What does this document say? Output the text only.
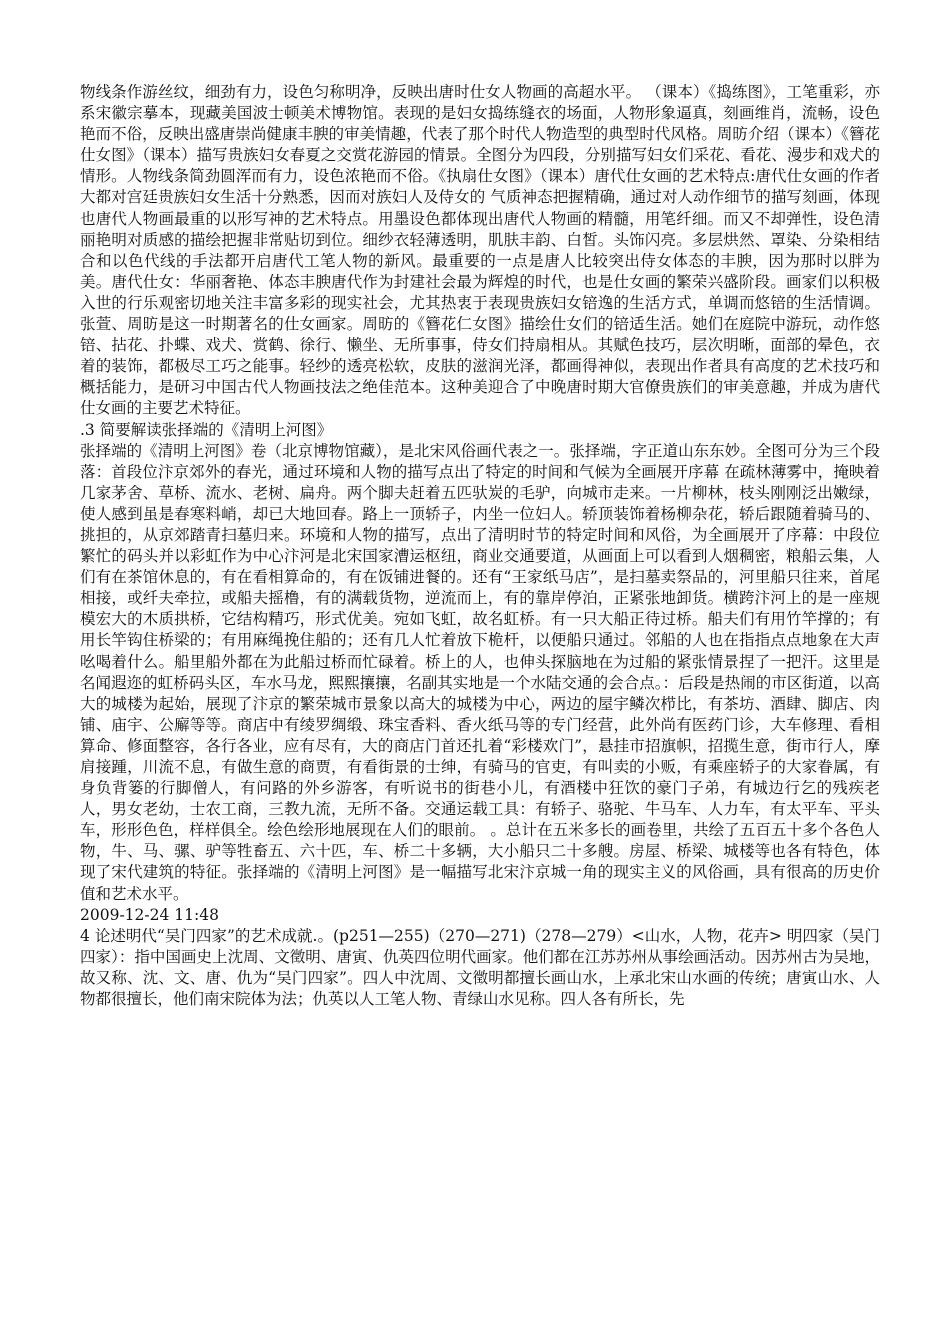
物线条作游丝纹，细劲有力，设色匀称明净，反映出唐时仕女人物画的高超水平。 （课本）《捣练图》，工笔重彩，亦系宋徽宗摹本，现藏美国波士顿美术博物馆。表现的是妇女捣练缝衣的场面，人物形象逼真，刻画维肖，流畅，设色艳而不俗，反映出盛唐崇尚健康丰腴的审美情趣，代表了那个时代人物造型的典型时代风格。周昉介绍（课本）《簪花仕女图》（课本）描写贵族妇女春夏之交赏花游园的情景。全图分为四段，分别描写妇女们采花、看花、漫步和戏犬的情形。人物线条简劲圆浑而有力，设色浓艳而不俗。《执扇仕女图》（课本）唐代仕女画的艺术特点:唐代仕女画的作者大都对宫廷贵族妇女生活十分熟悉，因而对族妇人及侍女的 气质神态把握精确，通过对人动作细节的描写刻画，体现也唐代人物画最重的以形写神的艺术特点。用墨设色都体现出唐代人物画的精髓，用笔纤细。而又不却弹性，设色清丽艳明对质感的描绘把握非常贴切到位。细纱衣轻薄透明，肌肤丰韵、白皙。头饰闪亮。多层烘然、罩染、分染相结合和以色代线的手法都开启唐代工笔人物的新风。最重要的一点是唐人比较突出侍女体态的丰腴，因为那时以胖为美。唐代仕女：华丽奢艳、体态丰腴唐代作为封建社会最为辉煌的时代，也是仕女画的繁荣兴盛阶段。画家们以积极入世的行乐观密切地关注丰富多彩的现实社会，尤其热衷于表现贵族妇女锫逸的生活方式，单调而悠锫的生活情调。张萱、周昉是这一时期著名的仕女画家。周昉的《簪花仁女图》描绘仕女们的锫适生活。她们在庭院中游玩，动作悠锫、拈花、扑蝶、戏犬、赏鹤、徐行、懒坐、无所事事，侍女们持扇相从。其赋色技巧，层次明晰，面部的晕色，衣着的装饰，都极尽工巧之能事。轻纱的透亮松软，皮肤的滋润光泽，都画得神似，表现出作者具有高度的艺术技巧和概括能力，是研习中国古代人物画技法之绝佳范本。这种美迎合了中晚唐时期大官僚贵族们的审美意趣，并成为唐代仕女画的主要艺术特征。

.3 简要解读张择端的《清明上河图》

张择端的《清明上河图》卷（北京博物馆藏），是北宋风俗画代表之一。张择端，字正道山东东妙。全图可分为三个段落：首段位汴京郊外的春光，通过环境和人物的描写点出了特定的时间和气候为全画展开序幕 在疏林薄雾中，掩映着几家茅舍、草桥、流水、老树、扁舟。两个脚夫赶着五匹驮炭的毛驴，向城市走来。一片柳林，枝头刚刚泛出嫩绿，使人感到虽是春寒料峭，却已大地回春。路上一顶轿子，内坐一位妇人。轿顶装饰着杨柳杂花，轿后跟随着骑马的、挑担的，从京郊踏青扫墓归来。环境和人物的描写，点出了清明时节的特定时间和风俗，为全画展开了序幕：中段位繁忙的码头并以彩虹作为中心汴河是北宋国家漕运枢纽，商业交通要道，从画面上可以看到人烟稠密，粮船云集，人们有在茶馆休息的，有在看相算命的，有在饭铺进餐的。还有“王家纸马店”，是扫墓卖祭品的，河里船只往来，首尾相接，或纤夫牵拉，或船夫摇橹，有的满载货物，逆流而上，有的靠岸停泊，正紧张地卸货。横跨汴河上的是一座规模宏大的木质拱桥，它结构精巧，形式优美。宛如飞虹，故名虹桥。有一只大船正待过桥。船夫们有用竹竿撑的；有用长竿钩住桥梁的；有用麻绳挽住船的；还有几人忙着放下桅杆，以便船只通过。邻船的人也在指指点点地象在大声吆喝着什么。船里船外都在为此船过桥而忙碌着。桥上的人，也伸头探脑地在为过船的紧张情景捏了一把汗。这里是名闻遐迩的虹桥码头区，车水马龙，熙熙攘攘，名副其实地是一个水陆交通的会合点。：后段是热闹的市区街道，以高大的城楼为起始，展现了汴京的繁荣城市景象以高大的城楼为中心，两边的屋宇鳞次栉比，有茶坊、酒肆、脚店、肉铺、庙宇、公廨等等。商店中有绫罗绸缎、珠宝香料、香火纸马等的专门经营，此外尚有医药门诊，大车修理、看相算命、修面整容，各行各业，应有尽有，大的商店门首还扎着“彩楼欢门”，悬挂市招旗帜，招揽生意，街市行人，摩肩接踵，川流不息，有做生意的商贾，有看街景的士绅，有骑马的官吏，有叫卖的小贩，有乘座轿子的大家眷属，有身负背篓的行脚僧人，有问路的外乡游客，有听说书的街巷小儿，有酒楼中狂饮的豪门子弟，有城边行乞的残疾老人，男女老幼，士农工商，三教九流，无所不备。交通运载工具：有轿子、骆驼、牛马车、人力车，有太平车、平头车，形形色色，样样俱全。绘色绘形地展现在人们的眼前。 。总计在五米多长的画卷里，共绘了五百五十多个各色人物，牛、马、骡、驴等牲畜五、六十匹，车、桥二十多辆，大小船只二十多艘。房屋、桥梁、城楼等也各有特色，体现了宋代建筑的特征。张择端的《清明上河图》是一幅描写北宋汴京城一角的现实主义的风俗画，具有很高的历史价值和艺术水平。

2009-12-24 11:48

4 论述明代“吴门四家”的艺术成就.。(p251—255)（270—271)（278—279）<山水，人物，花卉> 明四家（吴门四家）：指中国画史上沈周、文徵明、唐寅、仇英四位明代画家。他们都在江苏苏州从事绘画活动。因苏州古为吴地，故又称、沈、文、唐、仇为“吴门四家”。四人中沈周、文徵明都擅长画山水，上承北宋山水画的传统；唐寅山水、人物都很擅长，他们南宋院体为法；仇英以人工笔人物、青绿山水见称。四人各有所长，先
